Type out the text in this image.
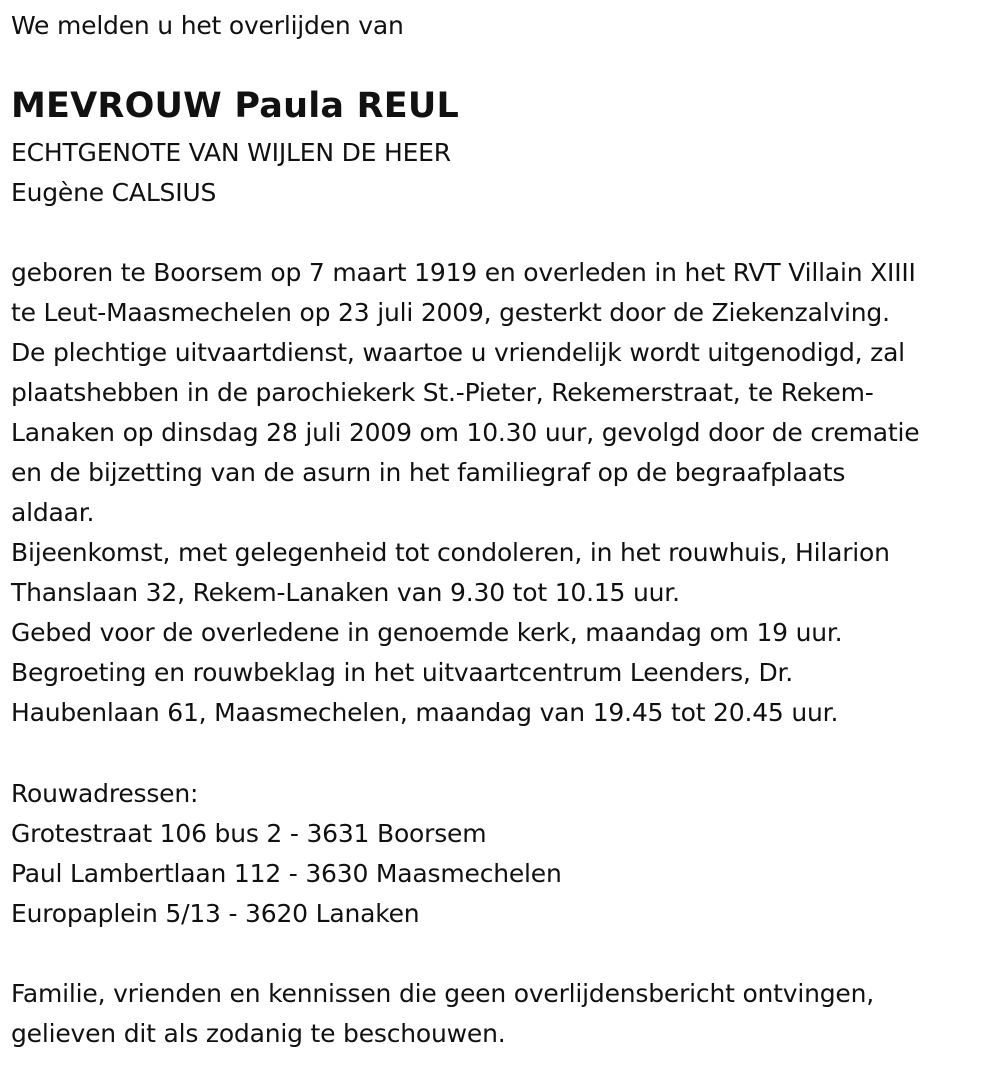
We melden u het overlijden van
MEVROUW Paula REUL
ECHTGENOTE VAN WIJLEN DE HEER
Eugène CALSIUS
geboren te Boorsem op 7 maart 1919 en overleden in het RVT Villain XIIII
te Leut-Maasmechelen op 23 juli 2009, gesterkt door de Ziekenzalving.
De plechtige uitvaartdienst, waartoe u vriendelijk wordt uitgenodigd, zal
plaatshebben in de parochiekerk St.-Pieter, Rekemerstraat, te Rekem-
Lanaken op dinsdag 28 juli 2009 om 10.30 uur, gevolgd door de crematie
en de bijzetting van de asurn in het familiegraf op de begraafplaats
aldaar.
Bijeenkomst, met gelegenheid tot condoleren, in het rouwhuis, Hilarion
Thanslaan 32, Rekem-Lanaken van 9.30 tot 10.15 uur.
Gebed voor de overledene in genoemde kerk, maandag om 19 uur.
Begroeting en rouwbeklag in het uitvaartcentrum Leenders, Dr.
Haubenlaan 61, Maasmechelen, maandag van 19.45 tot 20.45 uur.
Rouwadressen:
Grotestraat 106 bus 2 - 3631 Boorsem
Paul Lambertlaan 112 - 3630 Maasmechelen
Europaplein 5/13 - 3620 Lanaken
Familie, vrienden en kennissen die geen overlijdensbericht ontvingen,
gelieven dit als zodanig te beschouwen.
